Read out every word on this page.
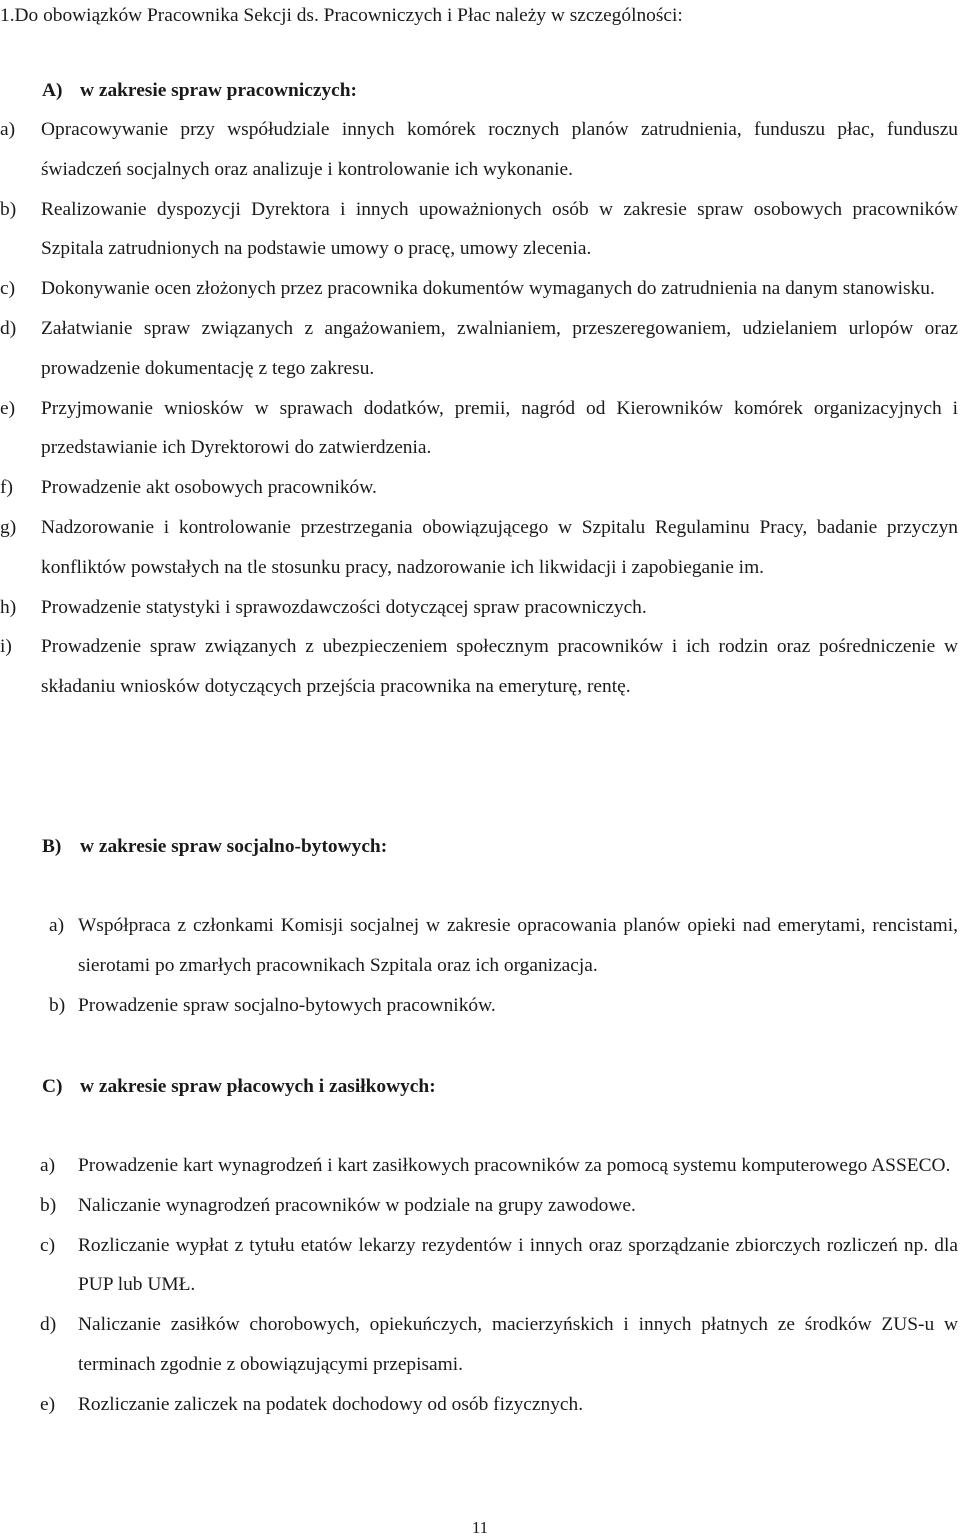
1.Do obowiązków Pracownika Sekcji ds. Pracowniczych i Płac należy w szczególności:
A) w zakresie spraw pracowniczych:
a) Opracowywanie przy współudziale innych komórek rocznych planów zatrudnienia, funduszu płac, funduszu świadczeń socjalnych oraz analizuje i kontrolowanie ich wykonanie.
b) Realizowanie dyspozycji Dyrektora i innych upoważnionych osób w zakresie spraw osobowych pracowników Szpitala zatrudnionych na podstawie umowy o pracę, umowy zlecenia.
c) Dokonywanie ocen złożonych przez pracownika dokumentów wymaganych do zatrudnienia na danym stanowisku.
d) Załatwianie spraw związanych z angażowaniem, zwalnianiem, przeszeregowaniem, udzielaniem urlopów oraz prowadzenie dokumentację z tego zakresu.
e) Przyjmowanie wniosków w sprawach dodatków, premii, nagród od Kierowników komórek organizacyjnych i przedstawianie ich Dyrektorowi do zatwierdzenia.
f) Prowadzenie akt osobowych pracowników.
g) Nadzorowanie i kontrolowanie przestrzegania obowiązującego w Szpitalu Regulaminu Pracy, badanie przyczyn konfliktów powstałych na tle stosunku pracy, nadzorowanie ich likwidacji i zapobieganie im.
h) Prowadzenie statystyki i sprawozdawczości dotyczącej spraw pracowniczych.
i) Prowadzenie spraw związanych z ubezpieczeniem społecznym pracowników i ich rodzin oraz pośredniczenie w składaniu wniosków dotyczących przejścia pracownika na emeryturę, rentę.
B) w zakresie spraw socjalno-bytowych:
a) Współpraca z członkami Komisji socjalnej w zakresie opracowania planów opieki nad emerytami, rencistami, sierotami po zmarłych pracownikach Szpitala oraz ich organizacja.
b) Prowadzenie spraw socjalno-bytowych pracowników.
C) w zakresie spraw płacowych i zasiłkowych:
a) Prowadzenie kart wynagrodzeń i kart zasiłkowych pracowników za pomocą systemu komputerowego ASSECO.
b) Naliczanie wynagrodzeń pracowników w podziale na grupy zawodowe.
c) Rozliczanie wypłat z tytułu etatów lekarzy rezydentów i innych oraz sporządzanie zbiorczych rozliczeń np. dla PUP lub UMŁ.
d) Naliczanie zasiłków chorobowych, opiekuńczych, macierzyńskich i innych płatnych ze środków ZUS-u w terminach zgodnie z obowiązującymi przepisami.
e) Rozliczanie zaliczek na podatek dochodowy od osób fizycznych.
11
